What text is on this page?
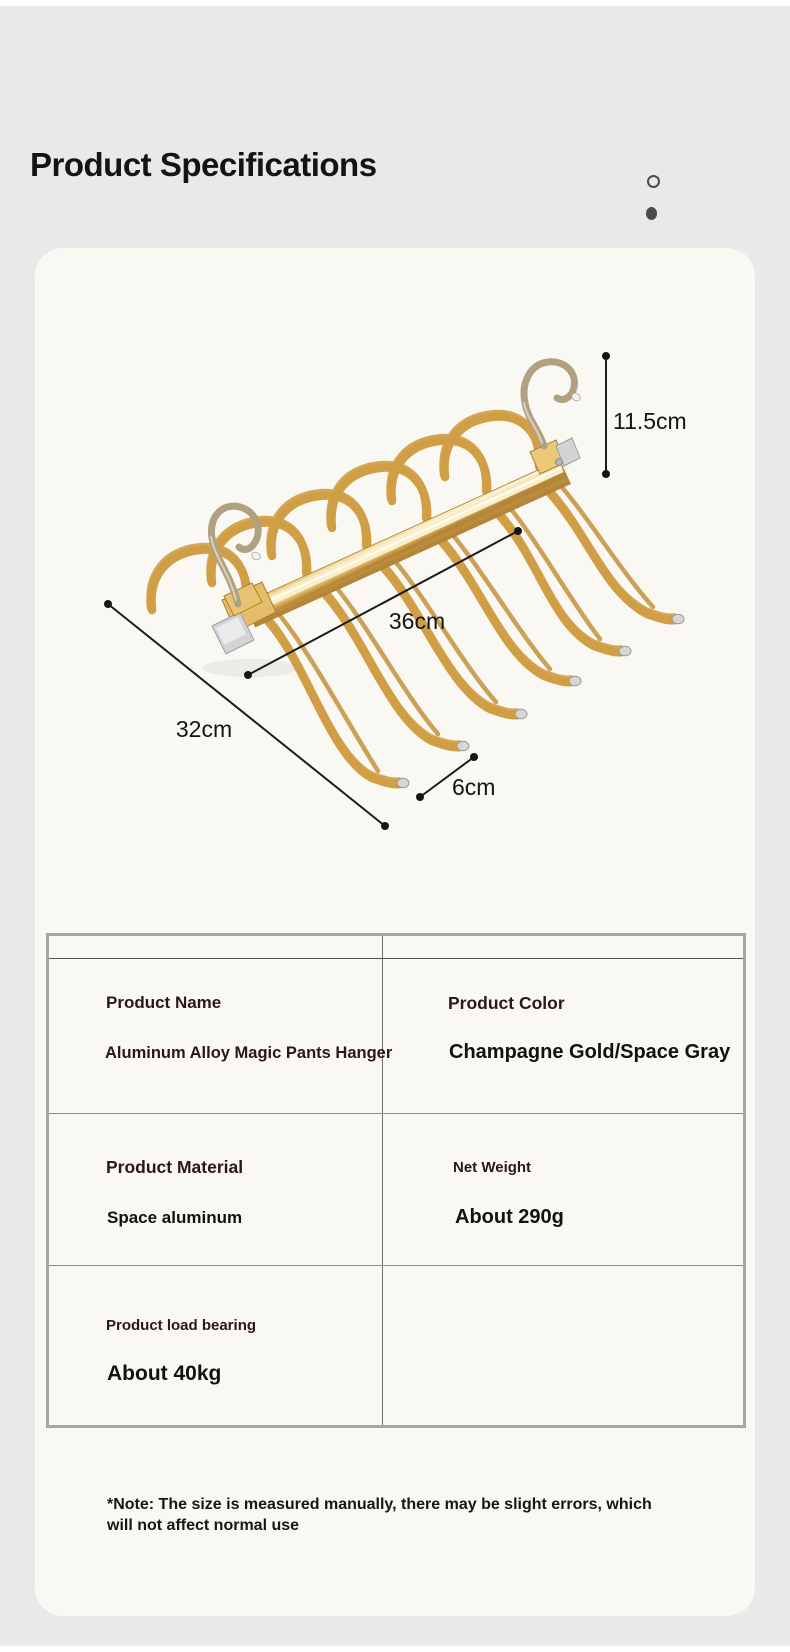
Product Specifications
11.5cm
36cm
32cm
6cm
Product Name
Aluminum Alloy Magic Pants Hanger
Product Color
Champagne Gold/Space Gray
Product Material
Space aluminum
Net Weight
About 290g
Product load bearing
About 40kg
*Note: The size is measured manually, there may be slight errors, which will not affect normal use
